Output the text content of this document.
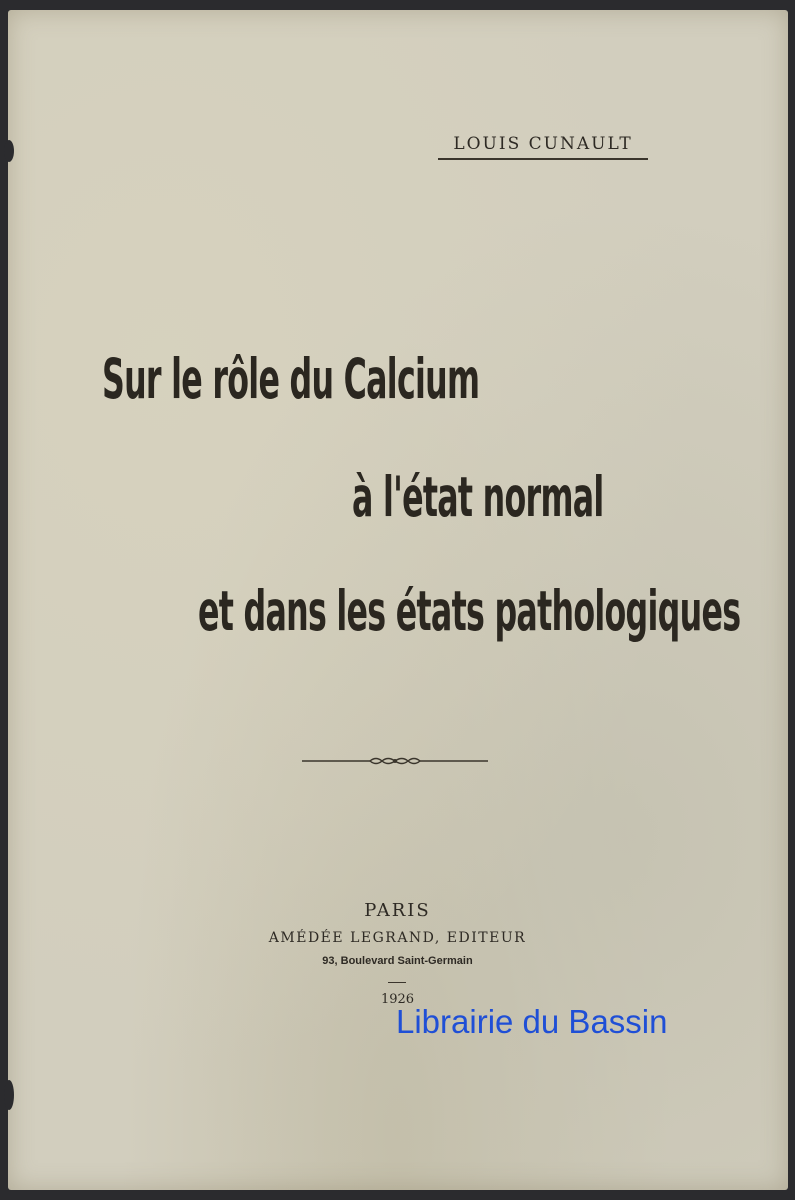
LOUIS CUNAULT
Sur le rôle du Calcium
à l'état normal
et dans les états pathologiques
PARIS
AMÉDÉE LEGRAND, EDITEUR
93, Boulevard Saint-Germain
1926
Librairie du Bassin
